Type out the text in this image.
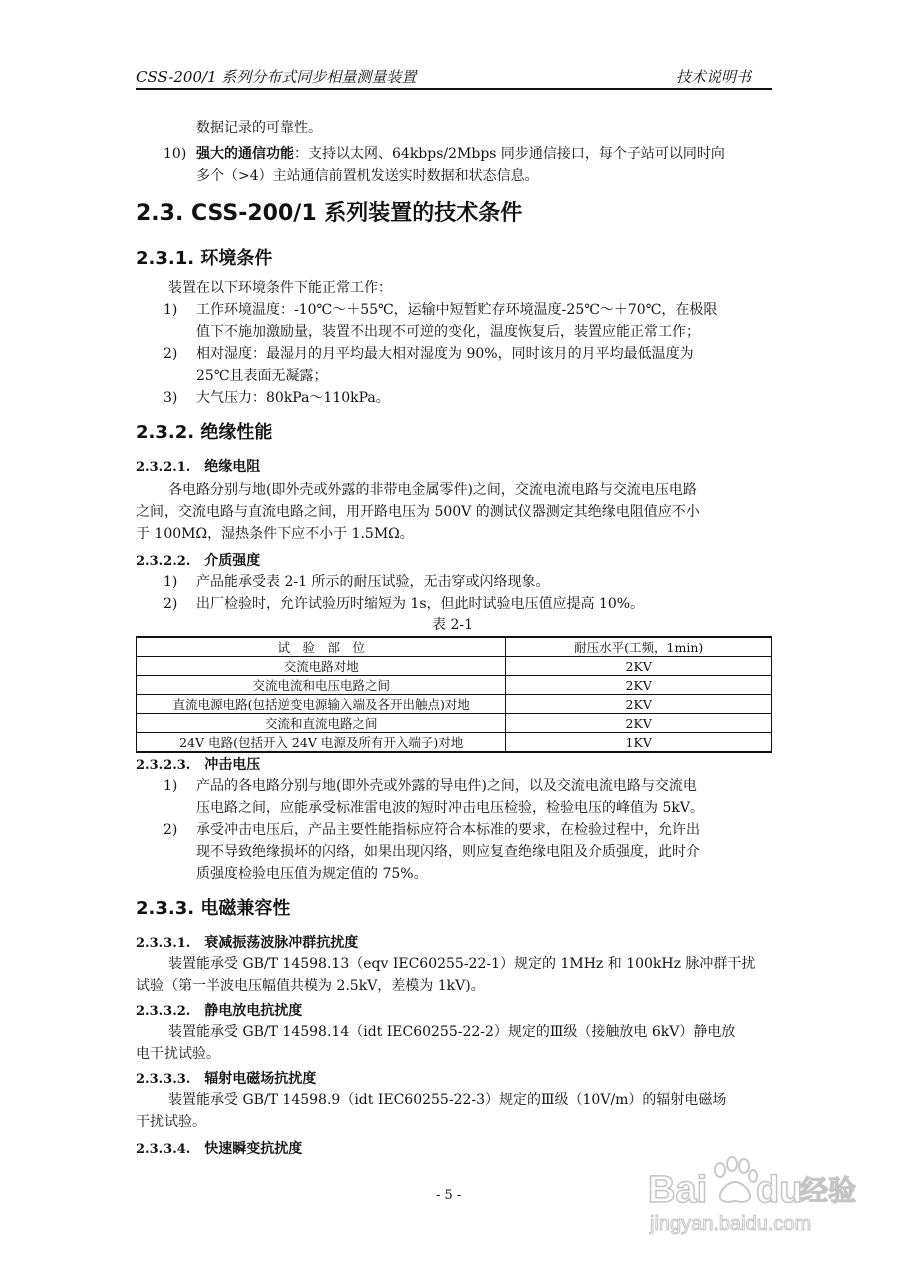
CSS-200/1 系列分布式同步相量测量装置	技术说明书
数据记录的可靠性。
10) 强大的通信功能：支持以太网、64kbps/2Mbps 同步通信接口，每个子站可以同时向
多个（>4）主站通信前置机发送实时数据和状态信息。
2.3. CSS-200/1 系列装置的技术条件
2.3.1. 环境条件
装置在以下环境条件下能正常工作：
1) 工作环境温度：-10℃～＋55℃，运输中短暂贮存环境温度-25℃～＋70℃，在极限
值下不施加激励量，装置不出现不可逆的变化，温度恢复后，装置应能正常工作；
2) 相对湿度：最湿月的月平均最大相对湿度为 90%，同时该月的月平均最低温度为
25℃且表面无凝露；
3) 大气压力：80kPa～110kPa。
2.3.2. 绝缘性能
2.3.2.1. 绝缘电阻
各电路分别与地(即外壳或外露的非带电金属零件)之间，交流电流电路与交流电压电路
之间，交流电路与直流电路之间，用开路电压为 500V 的测试仪器测定其绝缘电阻值应不小
于 100MΩ，湿热条件下应不小于 1.5MΩ。
2.3.2.2. 介质强度
1) 产品能承受表 2-1 所示的耐压试验，无击穿或闪络现象。
2) 出厂检验时，允许试验历时缩短为 1s，但此时试验电压值应提高 10%。
表 2-1
试　验　部　位	耐压水平(工频，1min)
交流电路对地	2KV
交流电流和电压电路之间	2KV
直流电源电路(包括逆变电源输入端及各开出触点)对地	2KV
交流和直流电路之间	2KV
24V 电路(包括开入 24V 电源及所有开入端子)对地	1KV
2.3.2.3. 冲击电压
1) 产品的各电路分别与地(即外壳或外露的导电件)之间，以及交流电流电路与交流电
压电路之间，应能承受标准雷电波的短时冲击电压检验，检验电压的峰值为 5kV。
2) 承受冲击电压后，产品主要性能指标应符合本标准的要求，在检验过程中，允许出
现不导致绝缘损坏的闪络，如果出现闪络，则应复查绝缘电阻及介质强度，此时介
质强度检验电压值为规定值的 75%。
2.3.3. 电磁兼容性
2.3.3.1. 衰减振荡波脉冲群抗扰度
装置能承受 GB/T 14598.13（eqv IEC60255-22-1）规定的 1MHz 和 100kHz 脉冲群干扰
试验（第一半波电压幅值共模为 2.5kV，差模为 1kV)。
2.3.3.2. 静电放电抗扰度
装置能承受 GB/T 14598.14（idt IEC60255-22-2）规定的Ⅲ级（接触放电 6kV）静电放
电干扰试验。
2.3.3.3. 辐射电磁场抗扰度
装置能承受 GB/T 14598.9（idt IEC60255-22-3）规定的Ⅲ级（10V/m）的辐射电磁场
干扰试验。
2.3.3.4. 快速瞬变抗扰度
- 5 -	Bai du
经验
jingyan.baidu.com
